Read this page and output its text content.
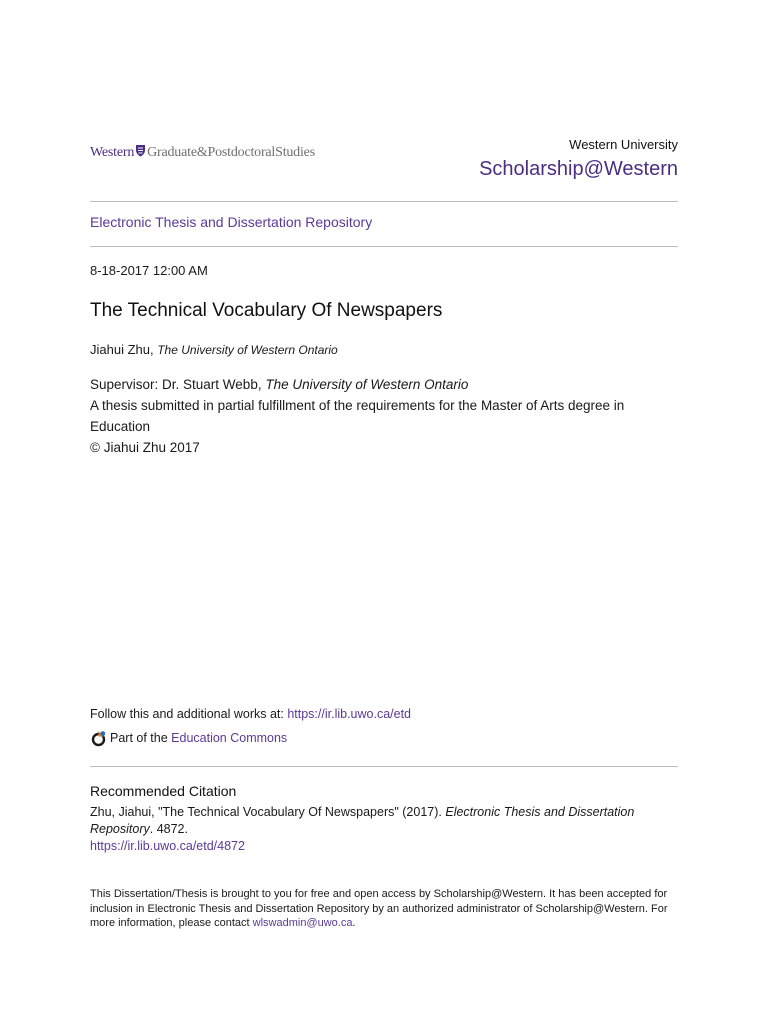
Western Graduate&PostdoctoralStudies
Western University
Scholarship@Western
Electronic Thesis and Dissertation Repository
8-18-2017 12:00 AM
The Technical Vocabulary Of Newspapers
Jiahui Zhu, The University of Western Ontario
Supervisor: Dr. Stuart Webb, The University of Western Ontario
A thesis submitted in partial fulfillment of the requirements for the Master of Arts degree in Education
© Jiahui Zhu 2017
Follow this and additional works at: https://ir.lib.uwo.ca/etd
Part of the Education Commons
Recommended Citation
Zhu, Jiahui, "The Technical Vocabulary Of Newspapers" (2017). Electronic Thesis and Dissertation Repository. 4872.
https://ir.lib.uwo.ca/etd/4872
This Dissertation/Thesis is brought to you for free and open access by Scholarship@Western. It has been accepted for inclusion in Electronic Thesis and Dissertation Repository by an authorized administrator of Scholarship@Western. For more information, please contact wlswadmin@uwo.ca.
